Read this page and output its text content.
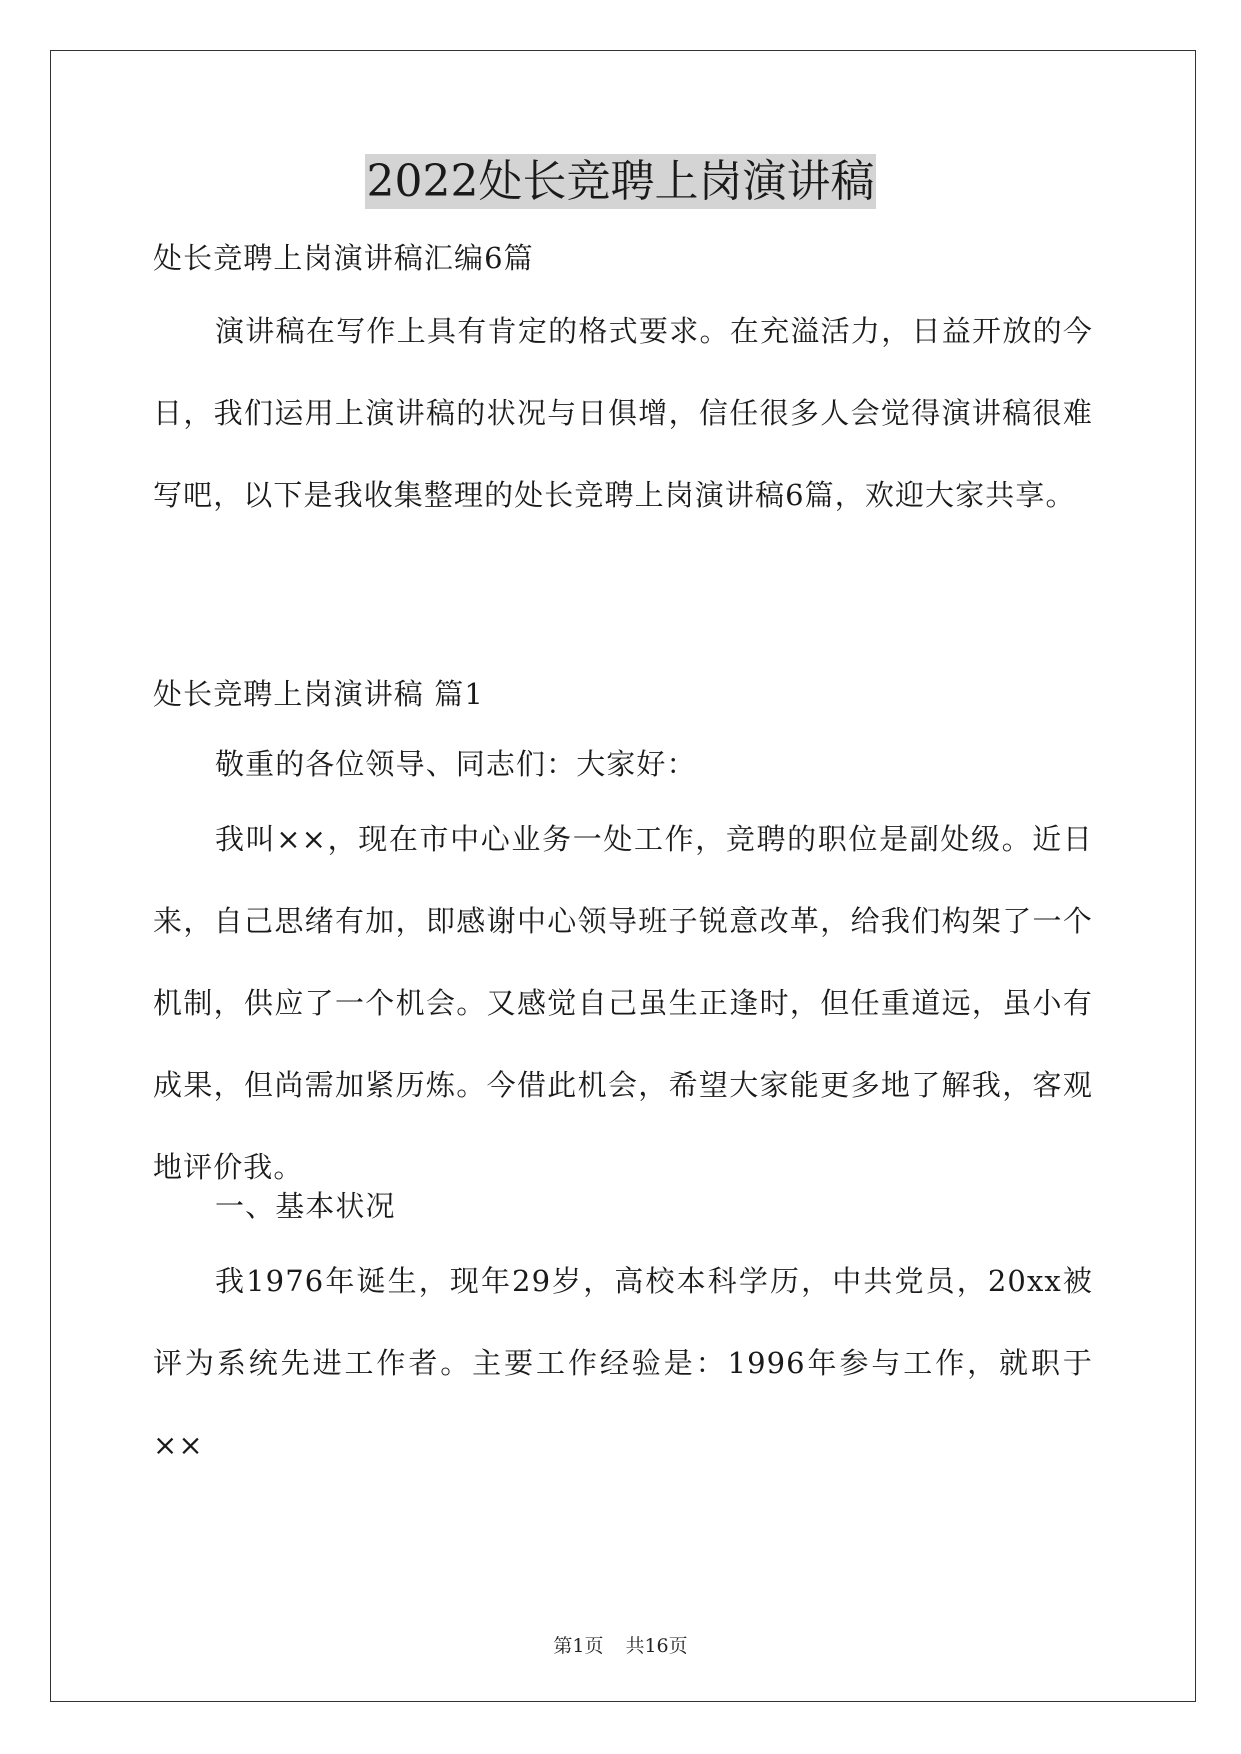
2022处长竞聘上岗演讲稿

处长竞聘上岗演讲稿汇编6篇

演讲稿在写作上具有肯定的格式要求。在充溢活力，日益开放的今日，我们运用上演讲稿的状况与日俱增，信任很多人会觉得演讲稿很难写吧，以下是我收集整理的处长竞聘上岗演讲稿6篇，欢迎大家共享。

处长竞聘上岗演讲稿 篇1

敬重的各位领导、同志们：大家好：

我叫××，现在市中心业务一处工作，竞聘的职位是副处级。近日来，自己思绪有加，即感谢中心领导班子锐意改革，给我们构架了一个机制，供应了一个机会。又感觉自己虽生正逢时，但任重道远，虽小有成果，但尚需加紧历炼。今借此机会，希望大家能更多地了解我，客观地评价我。

一、基本状况

我1976年诞生，现年29岁，高校本科学历，中共党员，20xx被评为系统先进工作者。主要工作经验是：1996年参与工作，就职于××

第1页 共16页
